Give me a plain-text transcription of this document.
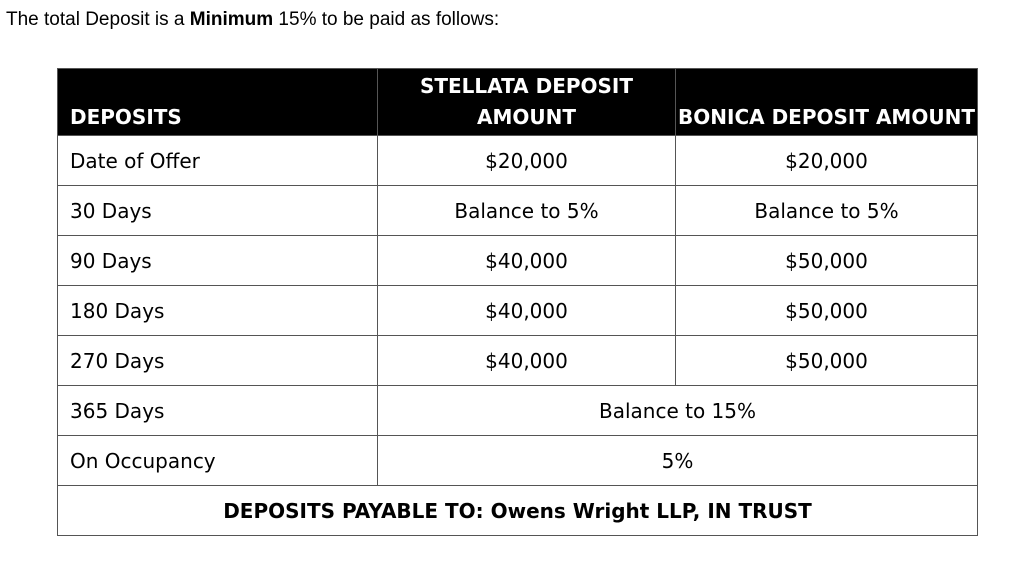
The total Deposit is a Minimum 15% to be paid as follows:
DEPOSITS	STELLATA DEPOSIT AMOUNT	BONICA DEPOSIT AMOUNT
Date of Offer	$20,000	$20,000
30 Days	Balance to 5%	Balance to 5%
90 Days	$40,000	$50,000
180 Days	$40,000	$50,000
270 Days	$40,000	$50,000
365 Days	Balance to 15%	
On Occupancy	5%	
DEPOSITS PAYABLE TO: Owens Wright LLP, IN TRUST		
